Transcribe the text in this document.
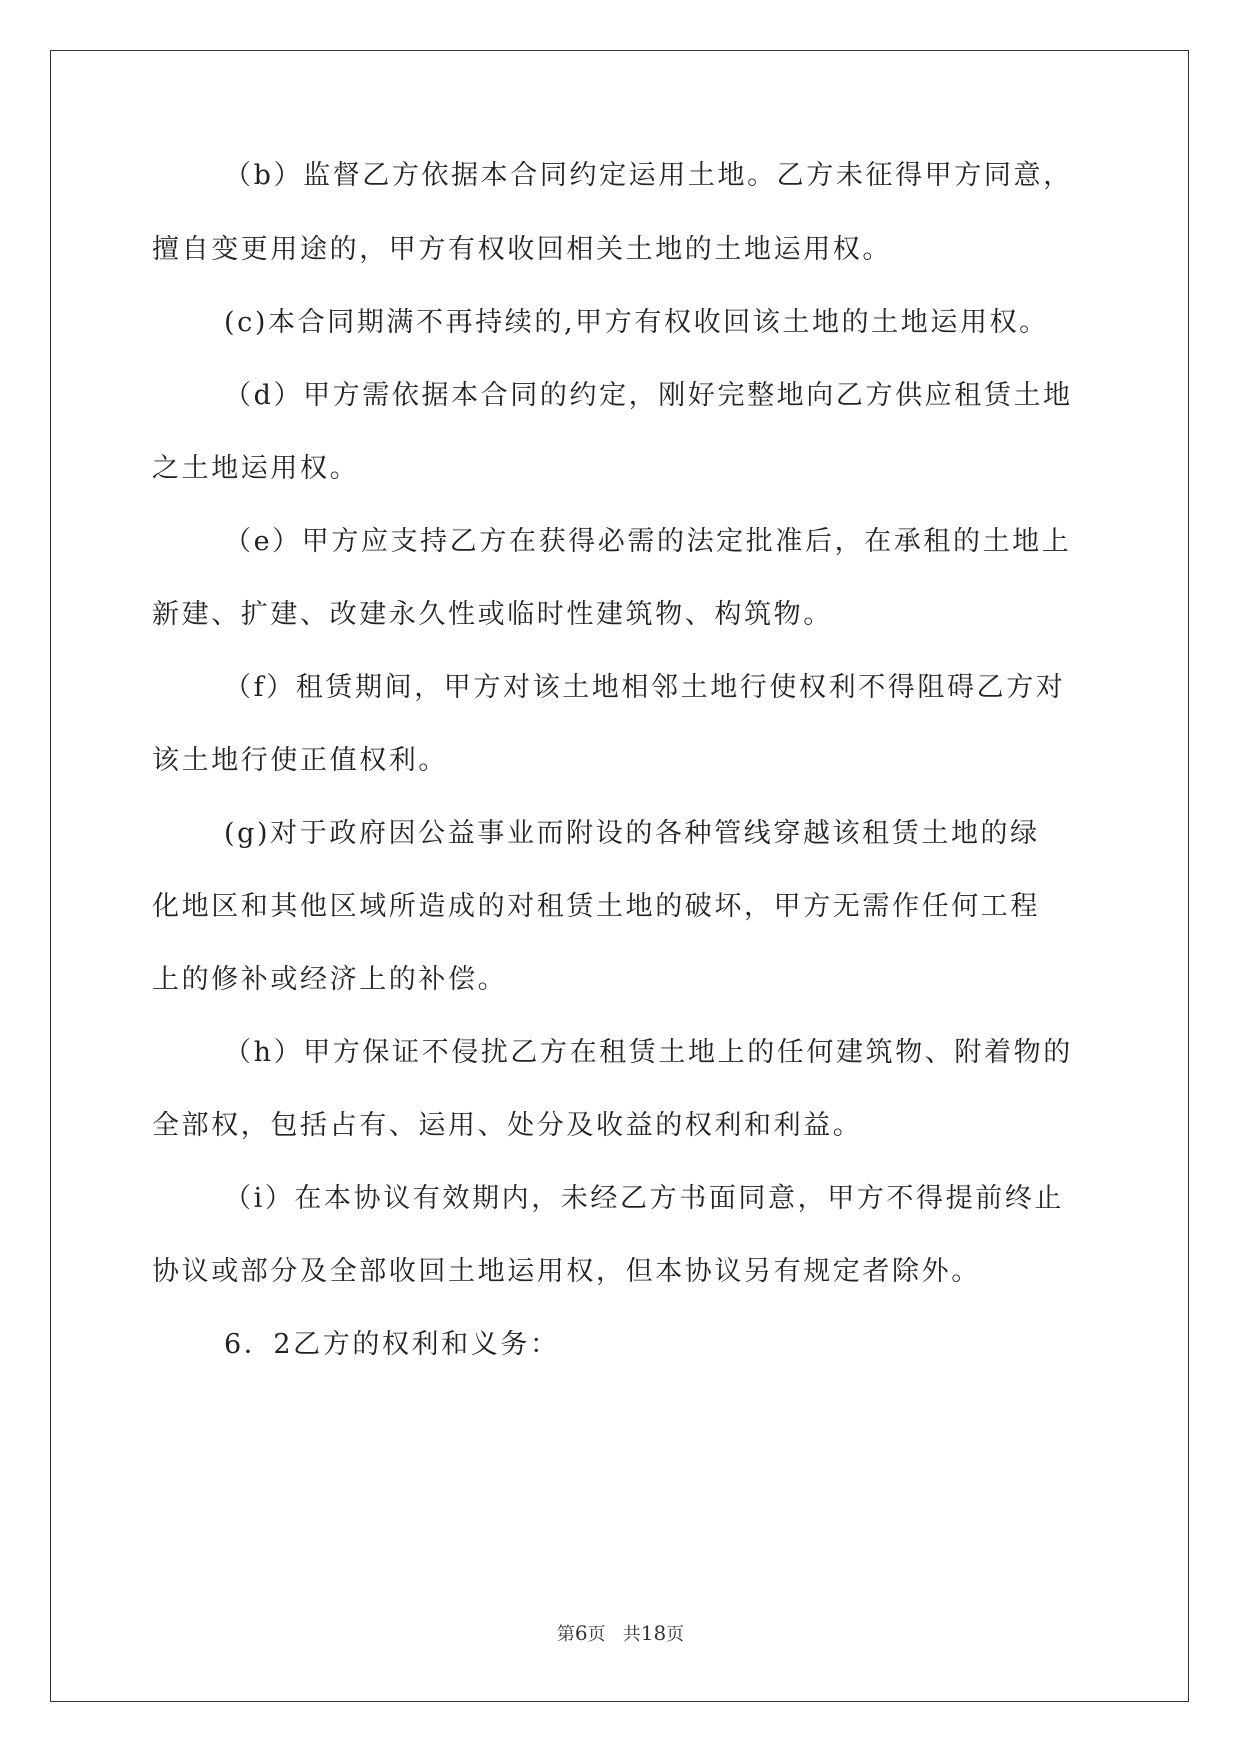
（b）监督乙方依据本合同约定运用土地。乙方未征得甲方同意，
擅自变更用途的，甲方有权收回相关土地的土地运用权。
(c)本合同期满不再持续的,甲方有权收回该土地的土地运用权。
（d）甲方需依据本合同的约定，刚好完整地向乙方供应租赁土地
之土地运用权。
（e）甲方应支持乙方在获得必需的法定批准后，在承租的土地上
新建、扩建、改建永久性或临时性建筑物、构筑物。
（f）租赁期间，甲方对该土地相邻土地行使权利不得阻碍乙方对
该土地行使正值权利。
(g)对于政府因公益事业而附设的各种管线穿越该租赁土地的绿
化地区和其他区域所造成的对租赁土地的破坏，甲方无需作任何工程
上的修补或经济上的补偿。
（h）甲方保证不侵扰乙方在租赁土地上的任何建筑物、附着物的
全部权，包括占有、运用、处分及收益的权利和利益。
（i）在本协议有效期内，未经乙方书面同意，甲方不得提前终止
协议或部分及全部收回土地运用权，但本协议另有规定者除外。
6．2乙方的权利和义务：
第6页 共18页
